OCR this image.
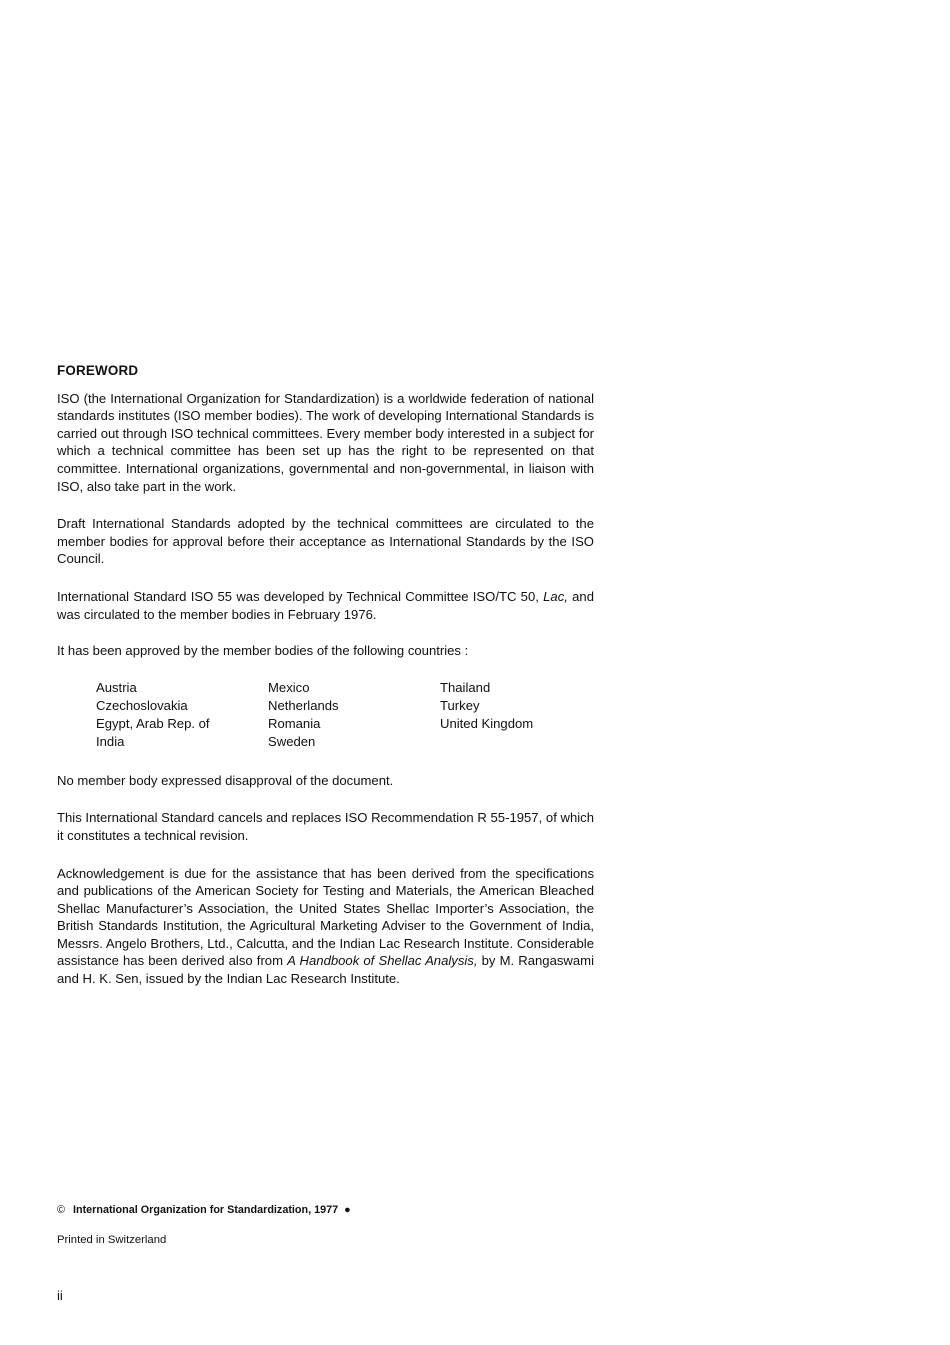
FOREWORD

ISO (the International Organization for Standardization) is a worldwide federation of national standards institutes (ISO member bodies). The work of developing International Standards is carried out through ISO technical committees. Every member body interested in a subject for which a technical committee has been set up has the right to be represented on that committee. International organizations, governmental and non-governmental, in liaison with ISO, also take part in the work.

Draft International Standards adopted by the technical committees are circulated to the member bodies for approval before their acceptance as International Standards by the ISO Council.

International Standard ISO 55 was developed by Technical Committee ISO/TC 50, Lac, and was circulated to the member bodies in February 1976.

It has been approved by the member bodies of the following countries :

Austria
Czechoslovakia
Egypt, Arab Rep. of
India
Mexico
Netherlands
Romania
Sweden
Thailand
Turkey
United Kingdom

No member body expressed disapproval of the document.

This International Standard cancels and replaces ISO Recommendation R 55-1957, of which it constitutes a technical revision.

Acknowledgement is due for the assistance that has been derived from the specifications and publications of the American Society for Testing and Materials, the American Bleached Shellac Manufacturer’s Association, the United States Shellac Importer’s Association, the British Standards Institution, the Agricultural Marketing Adviser to the Government of India, Messrs. Angelo Brothers, Ltd., Calcutta, and the Indian Lac Research Institute. Considerable assistance has been derived also from A Handbook of Shellac Analysis, by M. Rangaswami and H. K. Sen, issued by the Indian Lac Research Institute.

© International Organization for Standardization, 1977 ●
Printed in Switzerland
ii
